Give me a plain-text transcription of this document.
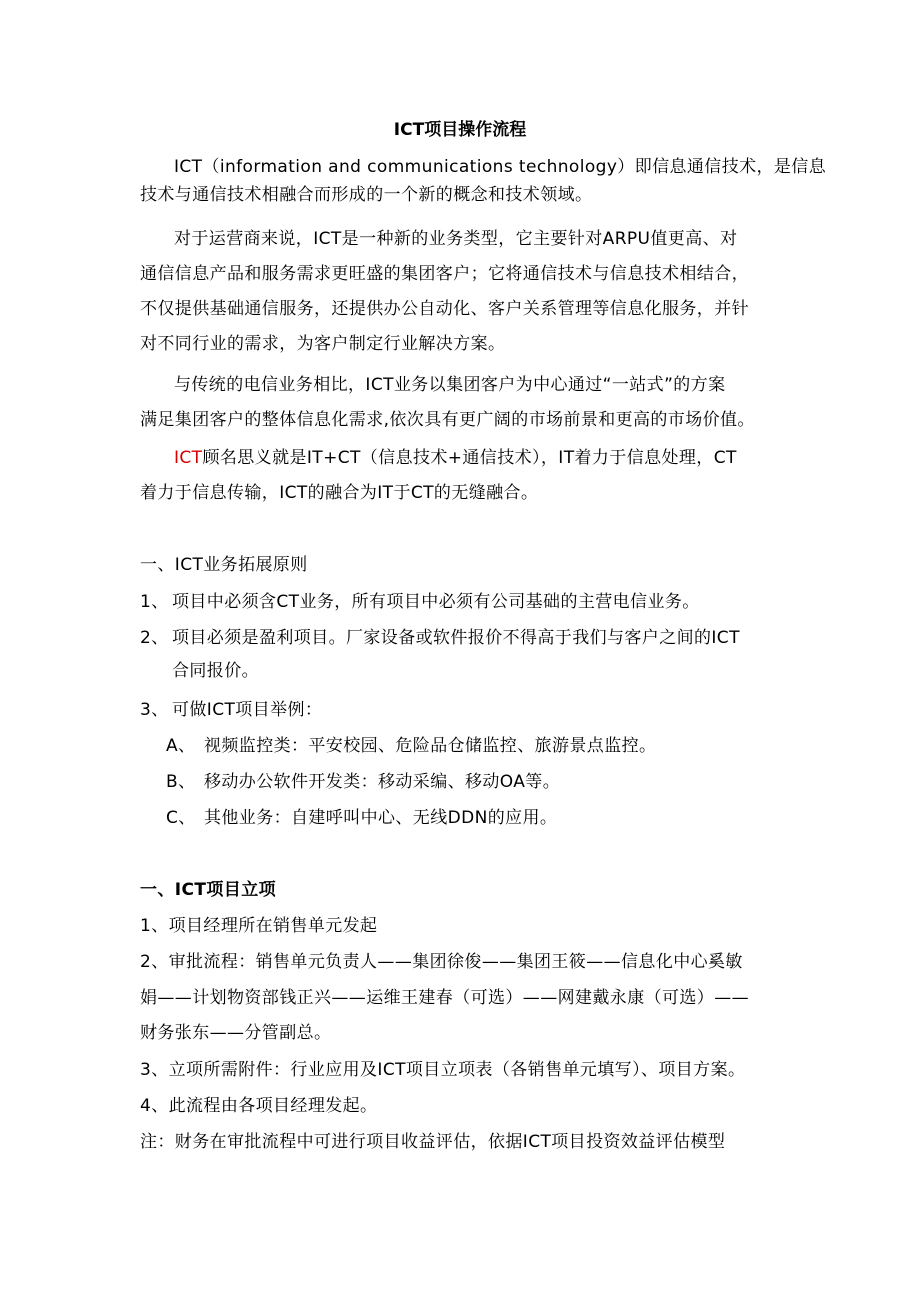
ICT项目操作流程
ICT（information and communications technology）即信息通信技术，是信息
技术与通信技术相融合而形成的一个新的概念和技术领域。
对于运营商来说，ICT是一种新的业务类型，它主要针对ARPU值更高、对
通信信息产品和服务需求更旺盛的集团客户；它将通信技术与信息技术相结合，
不仅提供基础通信服务，还提供办公自动化、客户关系管理等信息化服务，并针
对不同行业的需求，为客户制定行业解决方案。
与传统的电信业务相比，ICT业务以集团客户为中心通过“一站式”的方案
满足集团客户的整体信息化需求,依次具有更广阔的市场前景和更高的市场价值。
ICT顾名思义就是IT+CT（信息技术+通信技术），IT着力于信息处理，CT
着力于信息传输，ICT的融合为IT于CT的无缝融合。
一、ICT业务拓展原则
1、 项目中必须含CT业务，所有项目中必须有公司基础的主营电信业务。
2、 项目必须是盈利项目。厂家设备或软件报价不得高于我们与客户之间的ICT
合同报价。
3、 可做ICT项目举例：
A、 视频监控类：平安校园、危险品仓储监控、旅游景点监控。
B、 移动办公软件开发类：移动采编、移动OA等。
C、 其他业务：自建呼叫中心、无线DDN的应用。
一、ICT项目立项
1、项目经理所在销售单元发起
2、审批流程：销售单元负责人——集团徐俊——集团王筱——信息化中心奚敏
娟——计划物资部钱正兴——运维王建春（可选）——网建戴永康（可选）——
财务张东——分管副总。
3、立项所需附件：行业应用及ICT项目立项表（各销售单元填写）、项目方案。
4、此流程由各项目经理发起。
注：财务在审批流程中可进行项目收益评估，依据ICT项目投资效益评估模型
